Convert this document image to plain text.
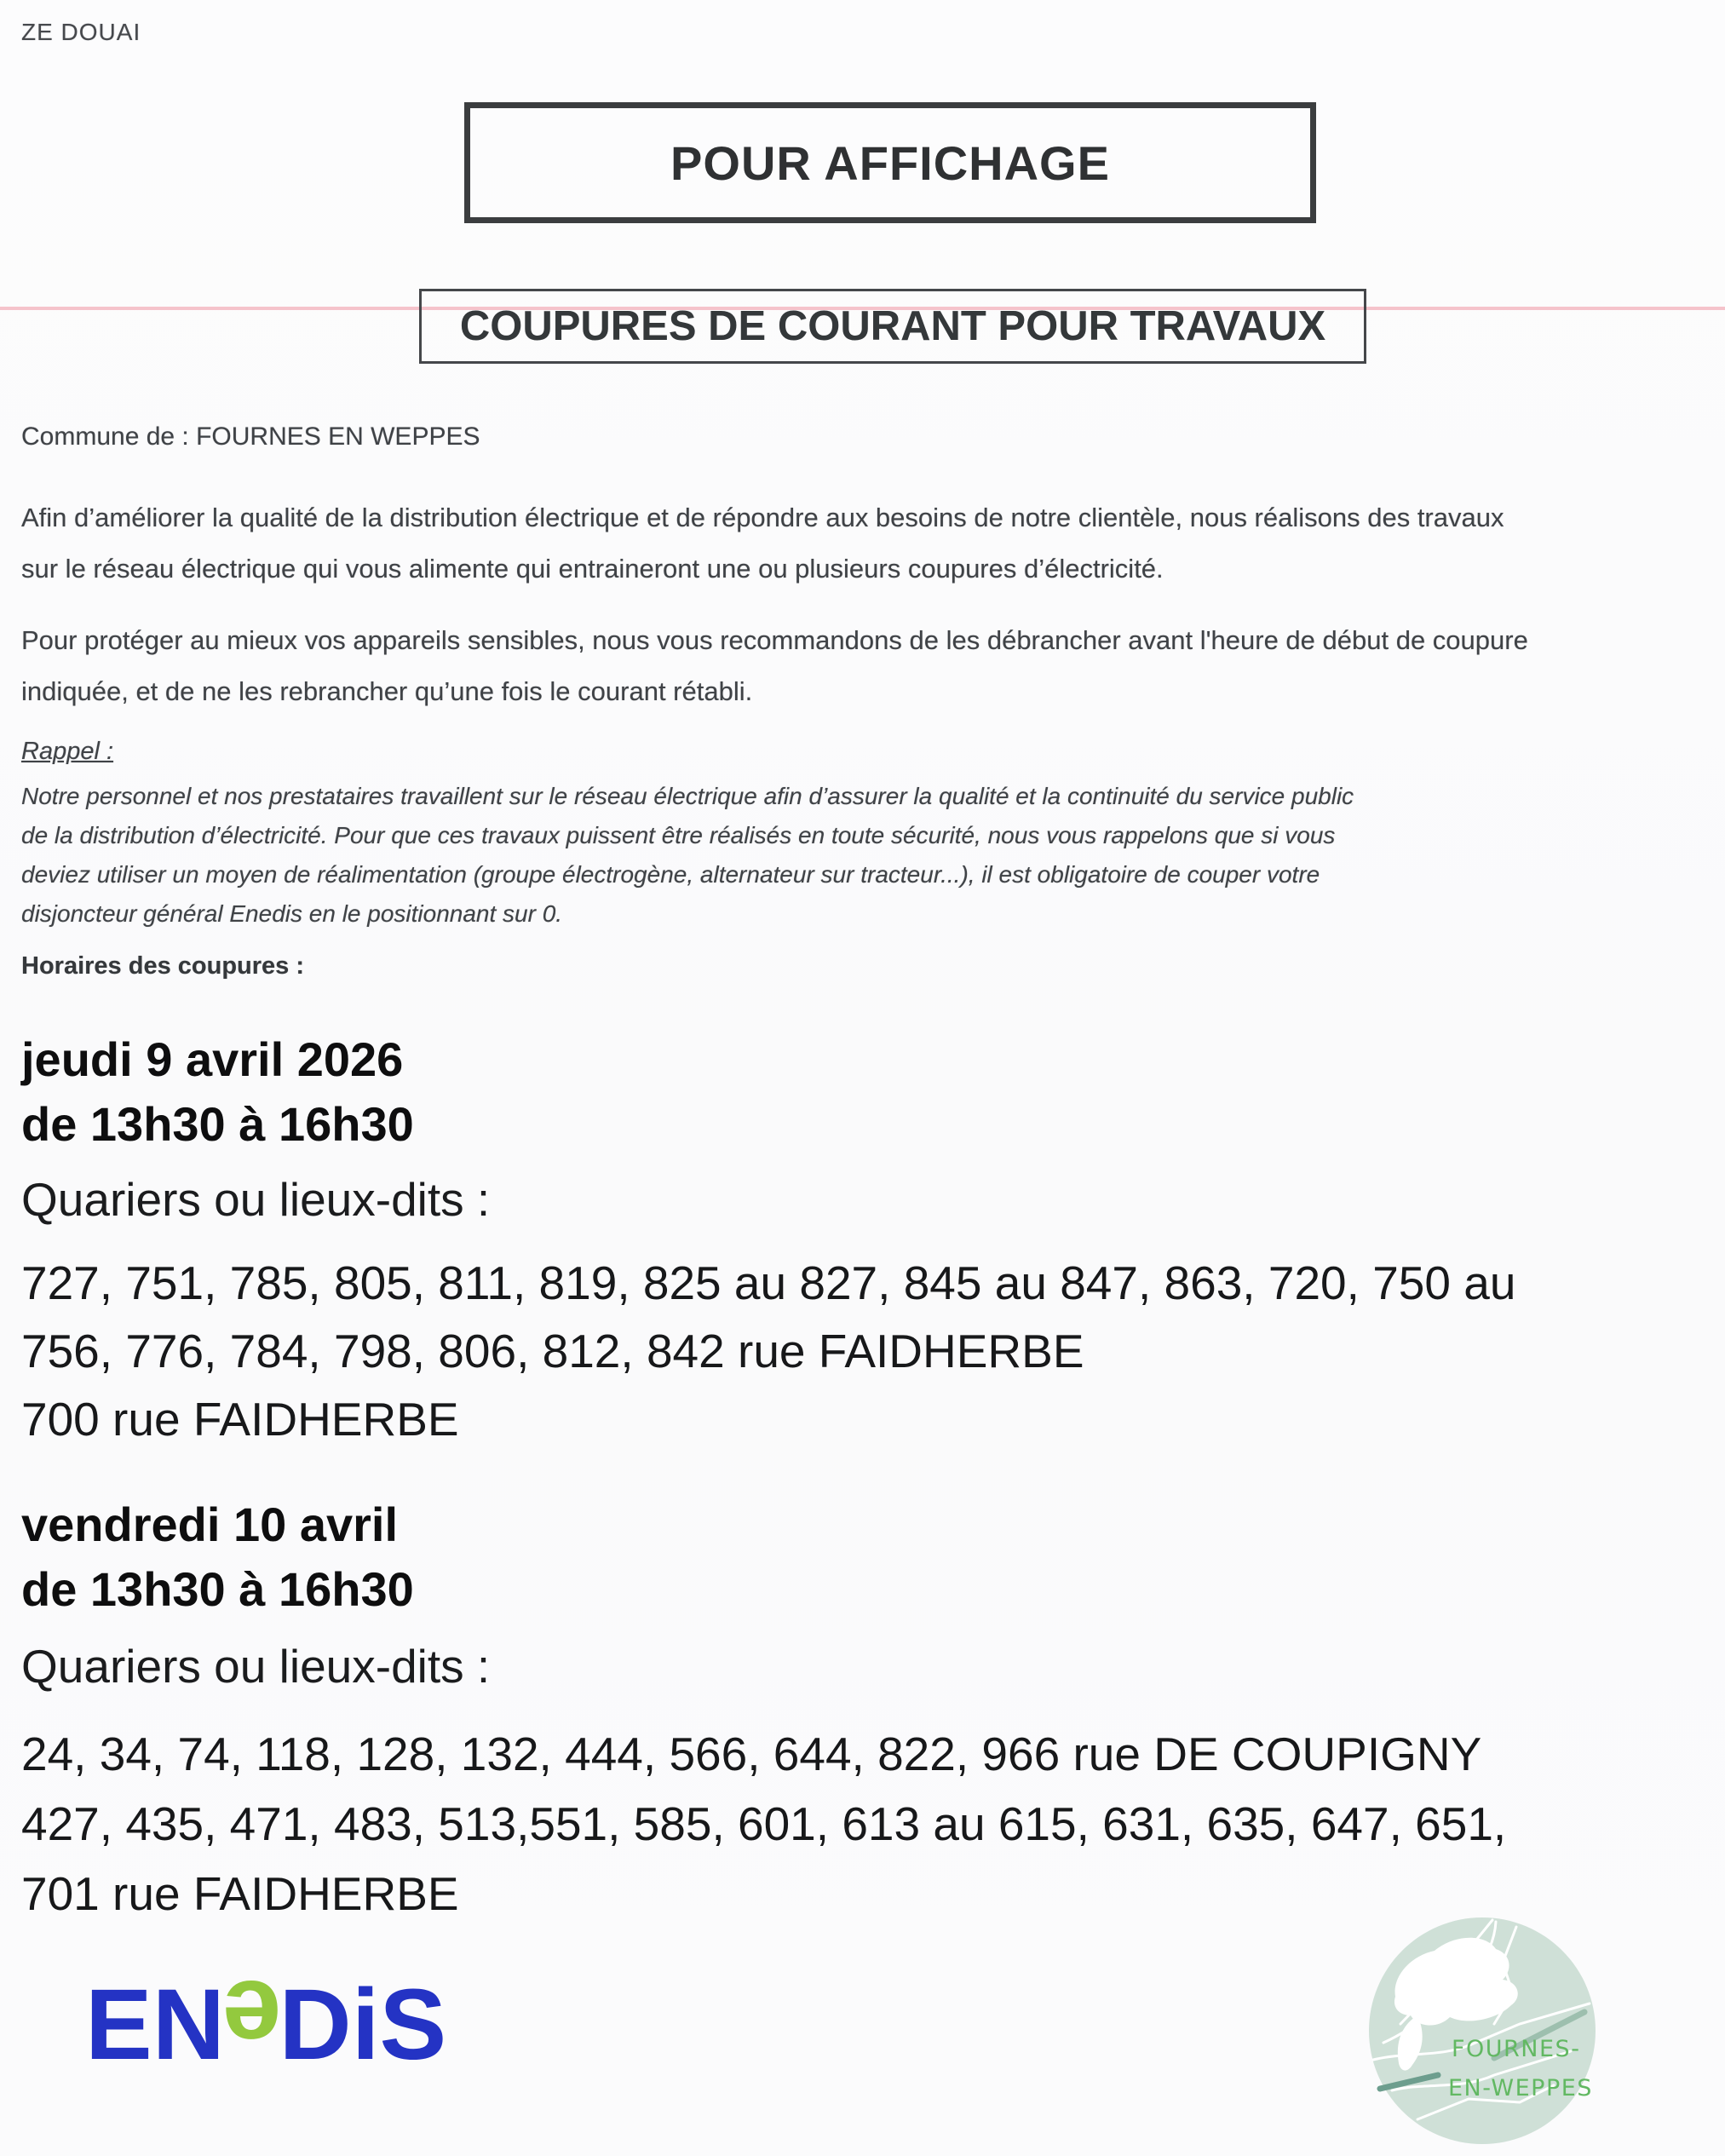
ZE DOUAI
POUR AFFICHAGE
COUPURES DE COURANT POUR TRAVAUX
Commune de : FOURNES EN WEPPES
Afin d’améliorer la qualité de la distribution électrique et de répondre aux besoins de notre clientèle, nous réalisons des travaux
sur le réseau électrique qui vous alimente qui entraineront une ou plusieurs coupures d’électricité.
Pour protéger au mieux vos appareils sensibles, nous vous recommandons de les débrancher avant l'heure de début de coupure
indiquée, et de ne les rebrancher qu’une fois le courant rétabli.
Rappel :
Notre personnel et nos prestataires travaillent sur le réseau électrique afin d’assurer la qualité et la continuité du service public
de la distribution d’électricité. Pour que ces travaux puissent être réalisés en toute sécurité, nous vous rappelons que si vous
deviez utiliser un moyen de réalimentation (groupe électrogène, alternateur sur tracteur...), il est obligatoire de couper votre
disjoncteur général Enedis en le positionnant sur 0.
Horaires des coupures :
jeudi 9 avril 2026
de 13h30 à 16h30
Quariers ou lieux-dits :
727, 751, 785, 805, 811, 819, 825 au 827, 845 au 847, 863, 720, 750 au
756, 776, 784, 798, 806, 812, 842 rue FAIDHERBE
700 rue FAIDHERBE
vendredi 10 avril
de 13h30 à 16h30
Quariers ou lieux-dits :
24, 34, 74, 118, 128, 132, 444, 566, 644, 822, 966 rue DE COUPIGNY
427, 435, 471, 483, 513,551, 585, 601, 613 au 615, 631, 635, 647, 651,
701 rue FAIDHERBE
ENeDiS	FOURNES-
EN-WEPPES
